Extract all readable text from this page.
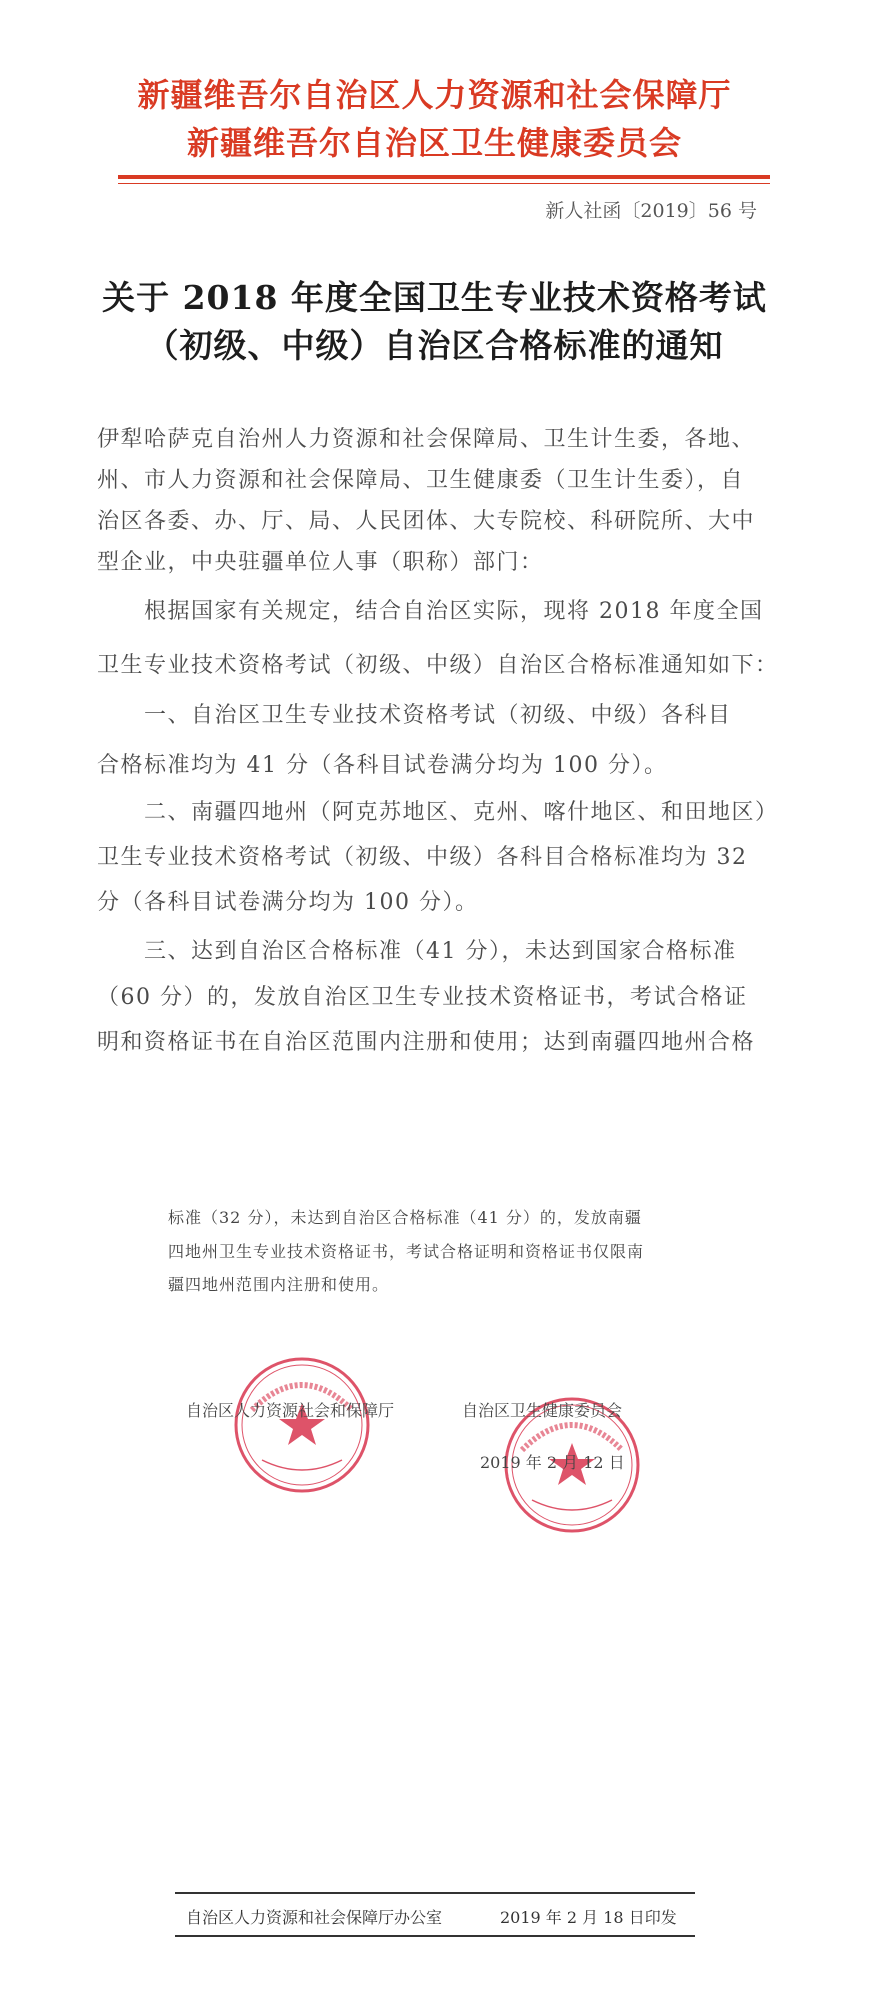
新疆维吾尔自治区人力资源和社会保障厅
新疆维吾尔自治区卫生健康委员会
新人社函〔2019〕56 号
关于 2018 年度全国卫生专业技术资格考试
（初级、中级）自治区合格标准的通知
伊犁哈萨克自治州人力资源和社会保障局、卫生计生委，各地、
州、市人力资源和社会保障局、卫生健康委（卫生计生委），自
治区各委、办、厅、局、人民团体、大专院校、科研院所、大中
型企业，中央驻疆单位人事（职称）部门：
　　根据国家有关规定，结合自治区实际，现将 2018 年度全国
卫生专业技术资格考试（初级、中级）自治区合格标准通知如下：
　　一、自治区卫生专业技术资格考试（初级、中级）各科目
合格标准均为 41 分（各科目试卷满分均为 100 分）。
　　二、南疆四地州（阿克苏地区、克州、喀什地区、和田地区）
卫生专业技术资格考试（初级、中级）各科目合格标准均为 32
分（各科目试卷满分均为 100 分）。
　　三、达到自治区合格标准（41 分），未达到国家合格标准
（60 分）的，发放自治区卫生专业技术资格证书，考试合格证
明和资格证书在自治区范围内注册和使用；达到南疆四地州合格
标准（32 分），未达到自治区合格标准（41 分）的，发放南疆
四地州卫生专业技术资格证书，考试合格证明和资格证书仅限南
疆四地州范围内注册和使用。
自治区人力资源社会和保障厅	自治区卫生健康委员会
2019 年 2 月 12 日
自治区人力资源和社会保障厅办公室	2019 年 2 月 18 日印发
